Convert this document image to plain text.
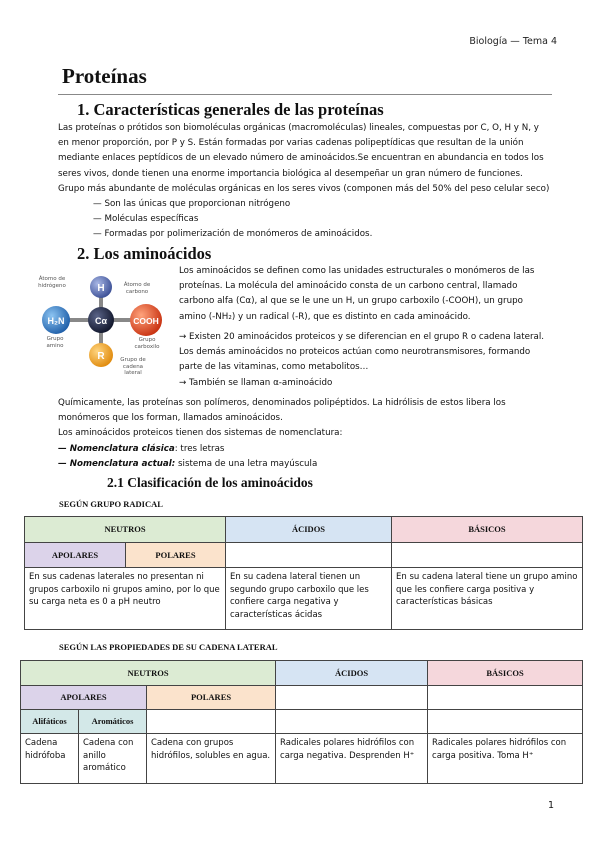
Biología — Tema 4
Proteínas
1. Características generales de las proteínas
Las proteínas o prótidos son biomoléculas orgánicas (macromoléculas) lineales, compuestas por C, O, H y N, y
en menor proporción, por P y S. Están formadas por varias cadenas polipeptídicas que resultan de la unión
mediante enlaces peptídicos de un elevado número de aminoácidos.Se encuentran en abundancia en todos los
seres vivos, donde tienen una enorme importancia biológica al desempeñar un gran número de funciones.
Grupo más abundante de moléculas orgánicas en los seres vivos (componen más del 50% del peso celular seco)
— Son las únicas que proporcionan nitrógeno
— Moléculas específicas
— Formadas por polimerización de monómeros de aminoácidos.
2. Los aminoácidos
H
H₂N	Cα	COOH
R
Átomo de hidrógeno	Átomo de carbono
Grupo amino
Grupo carboxilo
Grupo de cadena lateral
Los aminoácidos se definen como las unidades estructurales o monómeros de las
proteínas. La molécula del aminoácido consta de un carbono central, llamado
carbono alfa (Cα), al que se le une un H, un grupo carboxilo (-COOH), un grupo
amino (-NH₂) y un radical (-R), que es distinto en cada aminoácido.
→ Existen 20 aminoácidos proteicos y se diferencian en el grupo R o cadena lateral.
Los demás aminoácidos no proteicos actúan como neurotransmisores, formando
parte de las vitaminas, como metabolitos…
→ También se llaman α-aminoácido
Químicamente, las proteínas son polímeros, denominados polipéptidos. La hidrólisis de estos libera los
monómeros que los forman, llamados aminoácidos.
Los aminoácidos proteicos tienen dos sistemas de nomenclatura:
— Nomenclatura clásica: tres letras
— Nomenclatura actual: sistema de una letra mayúscula
2.1 Clasificación de los aminoácidos
SEGÚN GRUPO RADICAL
NEUTROS		ÁCIDOS	BÁSICOS
APOLARES	POLARES		
En sus cadenas laterales no presentan ni grupos carboxilo ni grupos amino, por lo que su carga neta es 0 a pH neutro		En su cadena lateral tienen un segundo grupo carboxilo que les confiere carga negativa y características ácidas	En su cadena lateral tiene un grupo amino que les confiere carga positiva y características básicas
SEGÚN LAS PROPIEDADES DE SU CADENA LATERAL
NEUTROS			ÁCIDOS	BÁSICOS
APOLARES		POLARES		
Alifáticos	Aromáticos			
Cadena hidrófoba	Cadena con anillo aromático	Cadena con grupos hidrófilos, solubles en agua.	Radicales polares hidrófilos con carga negativa. Desprenden H⁺	Radicales polares hidrófilos con carga positiva. Toma H⁺
1
